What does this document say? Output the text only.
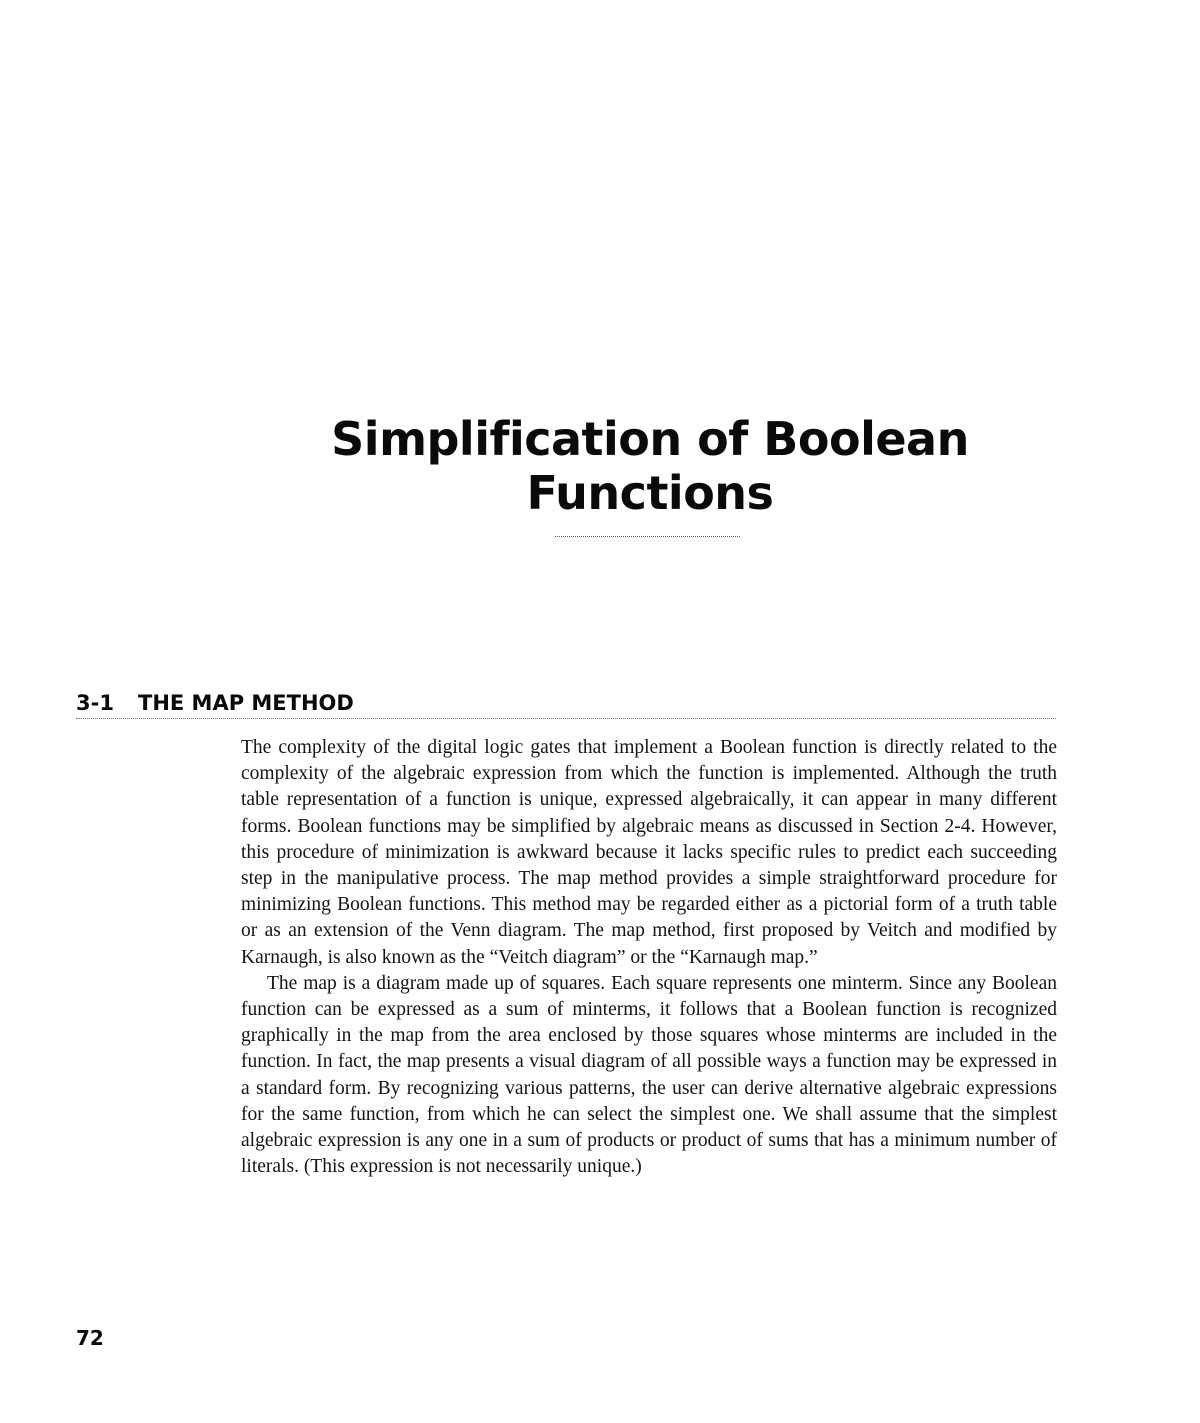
Simplification of Boolean
Functions
3-1 THE MAP METHOD

The complexity of the digital logic gates that implement a Boolean function is directly related to the complexity of the algebraic expression from which the function is implemented. Although the truth table representation of a function is unique, expressed algebraically, it can appear in many different forms. Boolean functions may be simplified by algebraic means as discussed in Section 2-4. However, this procedure of minimization is awkward because it lacks specific rules to predict each succeeding step in the manipulative process. The map method provides a simple straightforward procedure for minimizing Boolean functions. This method may be regarded either as a pictorial form of a truth table or as an extension of the Venn diagram. The map method, first proposed by Veitch and modified by Karnaugh, is also known as the “Veitch diagram” or the “Karnaugh map.”

The map is a diagram made up of squares. Each square represents one minterm. Since any Boolean function can be expressed as a sum of minterms, it follows that a Boolean function is recognized graphically in the map from the area enclosed by those squares whose minterms are included in the function. In fact, the map presents a visual diagram of all possible ways a function may be expressed in a standard form. By recognizing various patterns, the user can derive alternative algebraic expressions for the same function, from which he can select the simplest one. We shall assume that the simplest algebraic expression is any one in a sum of products or product of sums that has a minimum number of literals. (This expression is not necessarily unique.)

72
